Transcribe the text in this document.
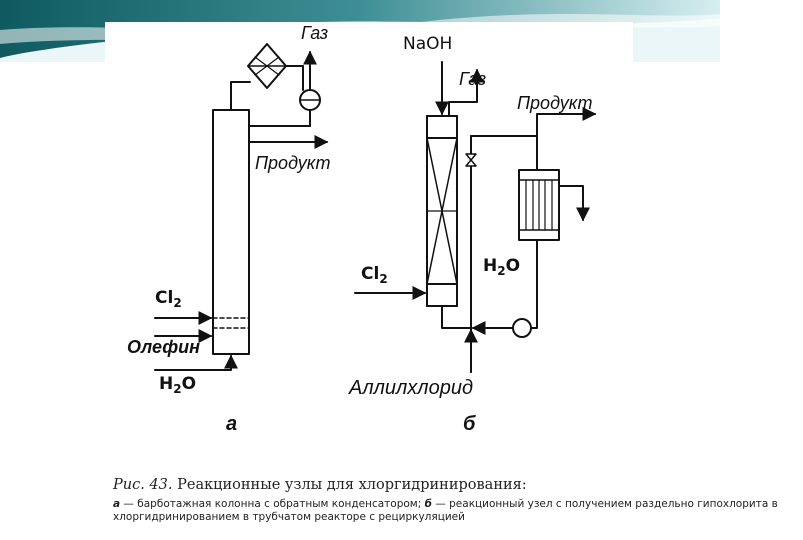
Газ
Продукт
$Cl_2$
Олефин
$H_2O$
а
NaOH
Газ
Продукт
$Cl_2$
$H_2O$
Аллилхлорид
б
Рис. 43. Реакционные узлы для хлоргидринирования:
а — барботажная колонна с обратным конденсатором; б — реакционный узел с получением раздельно гипохлорита в хлоргидринированием в трубчатом реакторе с рециркуляцией
